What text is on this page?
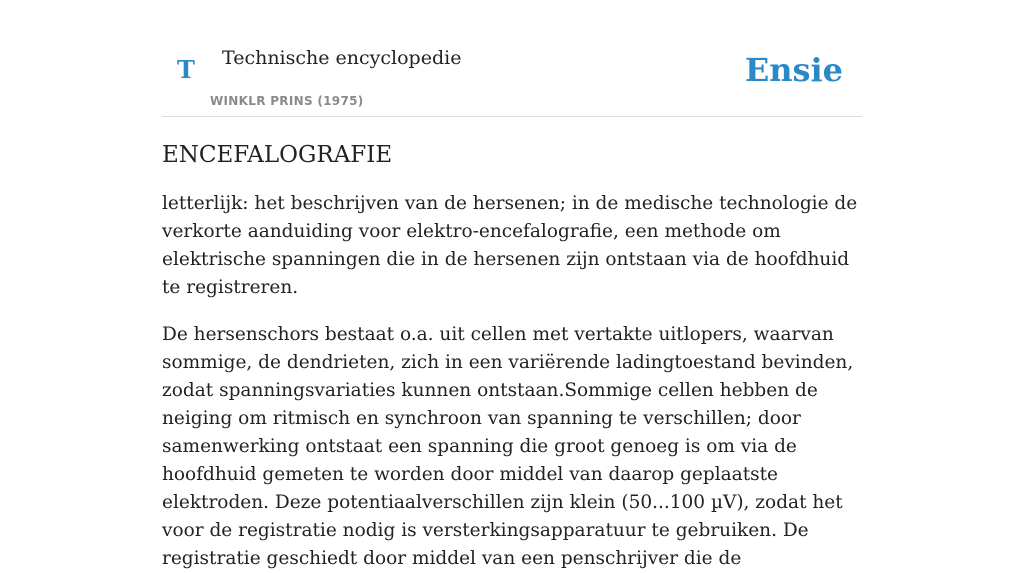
T Technische encyclopedie
WINKLR PRINS (1975)
Ensie
ENCEFALOGRAFIE

letterlijk: het beschrijven van de hersenen; in de medische technologie de verkorte aanduiding voor elektro-encefalografie, een methode om elektrische spanningen die in de hersenen zijn ontstaan via de hoofdhuid te registreren.

De hersenschors bestaat o.a. uit cellen met vertakte uitlopers, waarvan sommige, de dendrieten, zich in een variërende ladingtoestand bevinden, zodat spanningsvariaties kunnen ontstaan.Sommige cellen hebben de neiging om ritmisch en synchroon van spanning te verschillen; door samenwerking ontstaat een spanning die groot genoeg is om via de hoofdhuid gemeten te worden door middel van daarop geplaatste elektroden. Deze potentiaalverschillen zijn klein (50...100 µV), zodat het voor de registratie nodig is versterkingsapparatuur te gebruiken. De registratie geschiedt door middel van een penschrijver die de
